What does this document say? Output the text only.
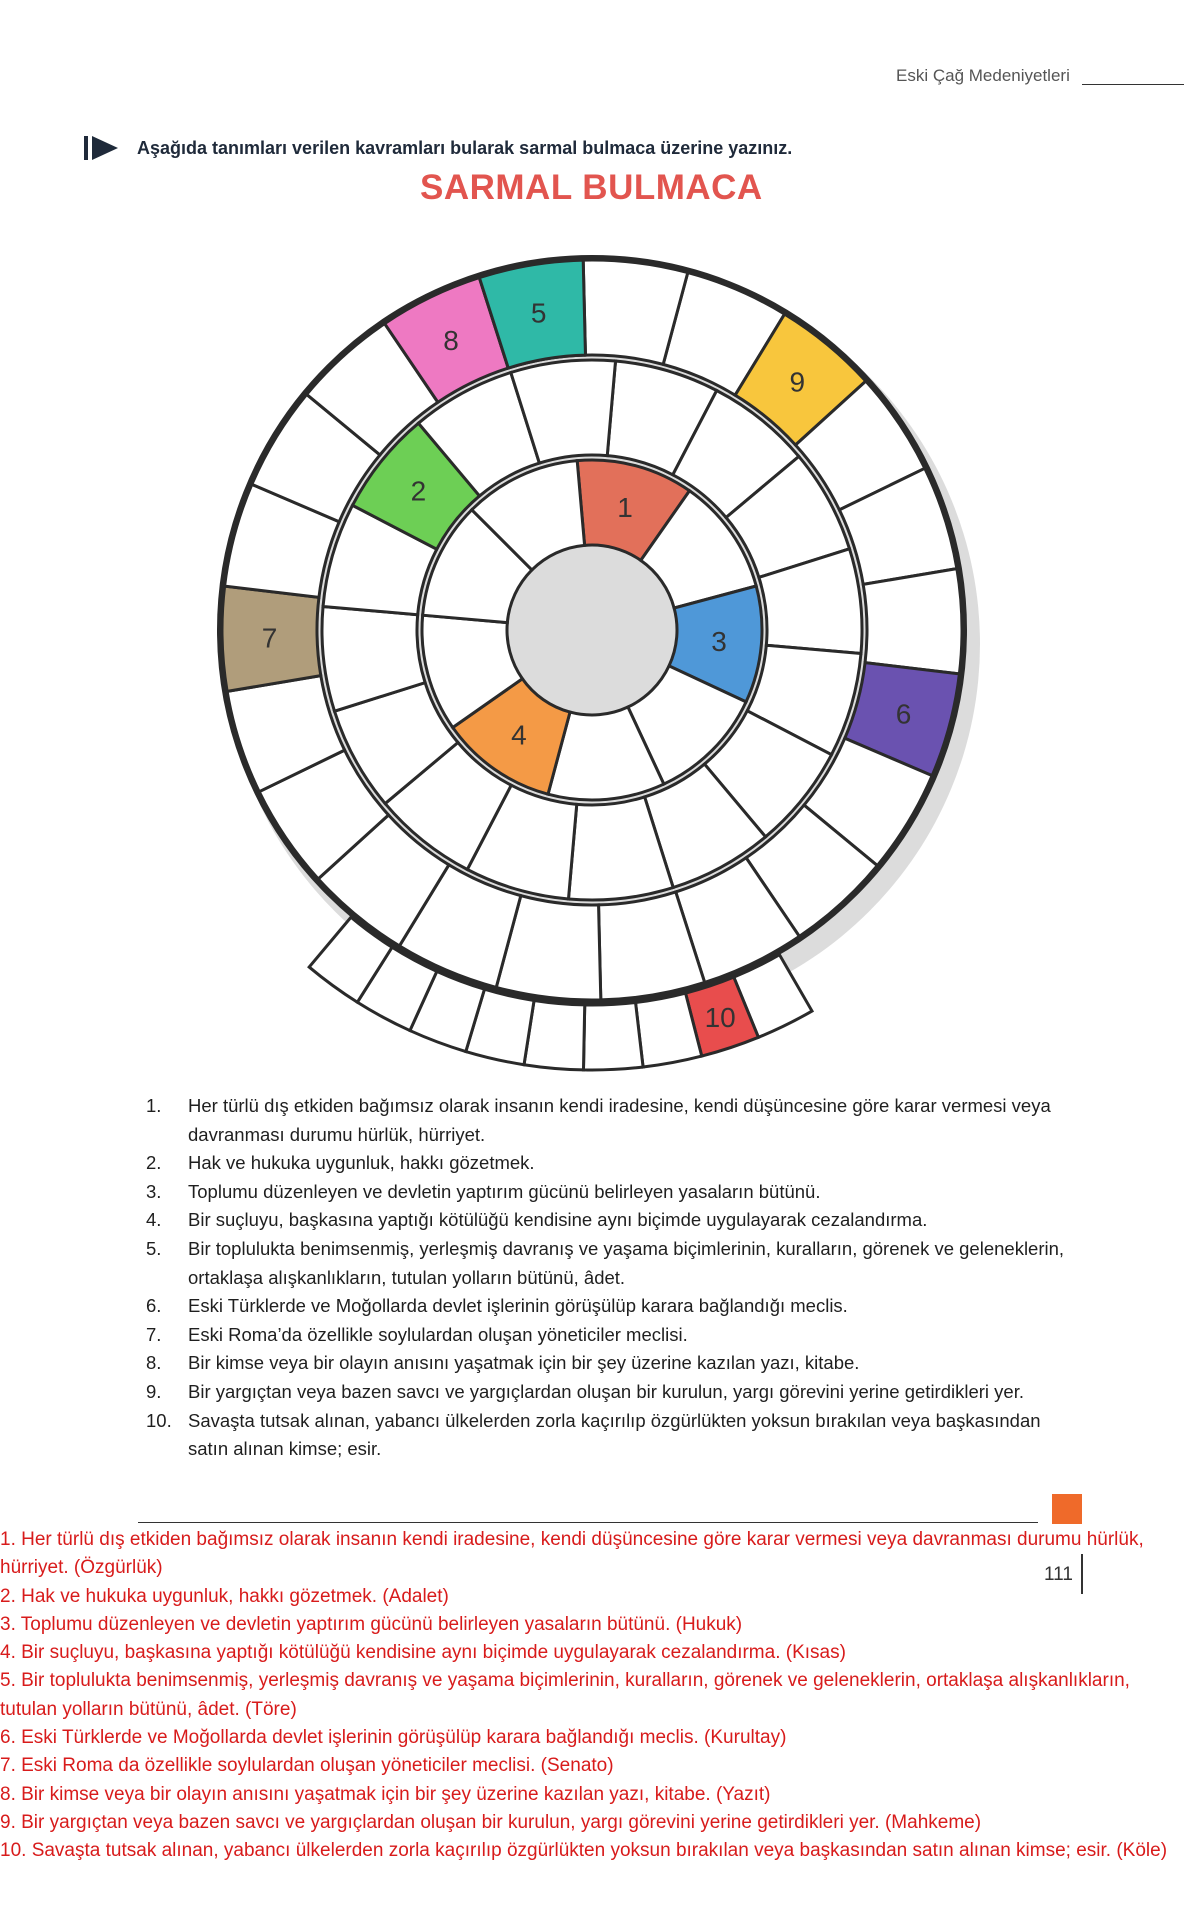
Eski Çağ Medeniyetleri
Aşağıda tanımları verilen kavramları bularak sarmal bulmaca üzerine yazınız.
SARMAL BULMACA
1
2
3
4
5
6
7
8
9
10
1.	Her türlü dış etkiden bağımsız olarak insanın kendi iradesine, kendi düşüncesine göre karar vermesi veya davranması durumu hürlük, hürriyet.
2.	Hak ve hukuka uygunluk, hakkı gözetmek.
3.	Toplumu düzenleyen ve devletin yaptırım gücünü belirleyen yasaların bütünü.
4.	Bir suçluyu, başkasına yaptığı kötülüğü kendisine aynı biçimde uygulayarak cezalandırma.
5.	Bir toplulukta benimsenmiş, yerleşmiş davranış ve yaşama biçimlerinin, kuralların, görenek ve geleneklerin, ortaklaşa alışkanlıkların, tutulan yolların bütünü, âdet.
6.	Eski Türklerde ve Moğollarda devlet işlerinin görüşülüp karara bağlandığı meclis.
7.	Eski Roma’da özellikle soylulardan oluşan yöneticiler meclisi.
8.	Bir kimse veya bir olayın anısını yaşatmak için bir şey üzerine kazılan yazı, kitabe.
9.	Bir yargıçtan veya bazen savcı ve yargıçlardan oluşan bir kurulun, yargı görevini yerine getirdikleri yer.
10. Savaşta tutsak alınan, yabancı ülkelerden zorla kaçırılıp özgürlükten yoksun bırakılan veya başkasından satın alınan kimse; esir.
111

1. Her türlü dış etkiden bağımsız olarak insanın kendi iradesine, kendi düşüncesine göre karar vermesi veya davranması durumu hürlük, hürriyet. (Özgürlük)

2. Hak ve hukuka uygunluk, hakkı gözetmek. (Adalet)

3. Toplumu düzenleyen ve devletin yaptırım gücünü belirleyen yasaların bütünü. (Hukuk)

4. Bir suçluyu, başkasına yaptığı kötülüğü kendisine aynı biçimde uygulayarak cezalandırma. (Kısas)

5. Bir toplulukta benimsenmiş, yerleşmiş davranış ve yaşama biçimlerinin, kuralların, görenek ve geleneklerin, ortaklaşa alışkanlıkların, tutulan yolların bütünü, âdet. (Töre)

6. Eski Türklerde ve Moğollarda devlet işlerinin görüşülüp karara bağlandığı meclis. (Kurultay)

7. Eski Roma da özellikle soylulardan oluşan yöneticiler meclisi. (Senato)

8. Bir kimse veya bir olayın anısını yaşatmak için bir şey üzerine kazılan yazı, kitabe. (Yazıt)

9. Bir yargıçtan veya bazen savcı ve yargıçlardan oluşan bir kurulun, yargı görevini yerine getirdikleri yer. (Mahkeme)

10. Savaşta tutsak alınan, yabancı ülkelerden zorla kaçırılıp özgürlükten yoksun bırakılan veya başkasından satın alınan kimse; esir. (Köle)
